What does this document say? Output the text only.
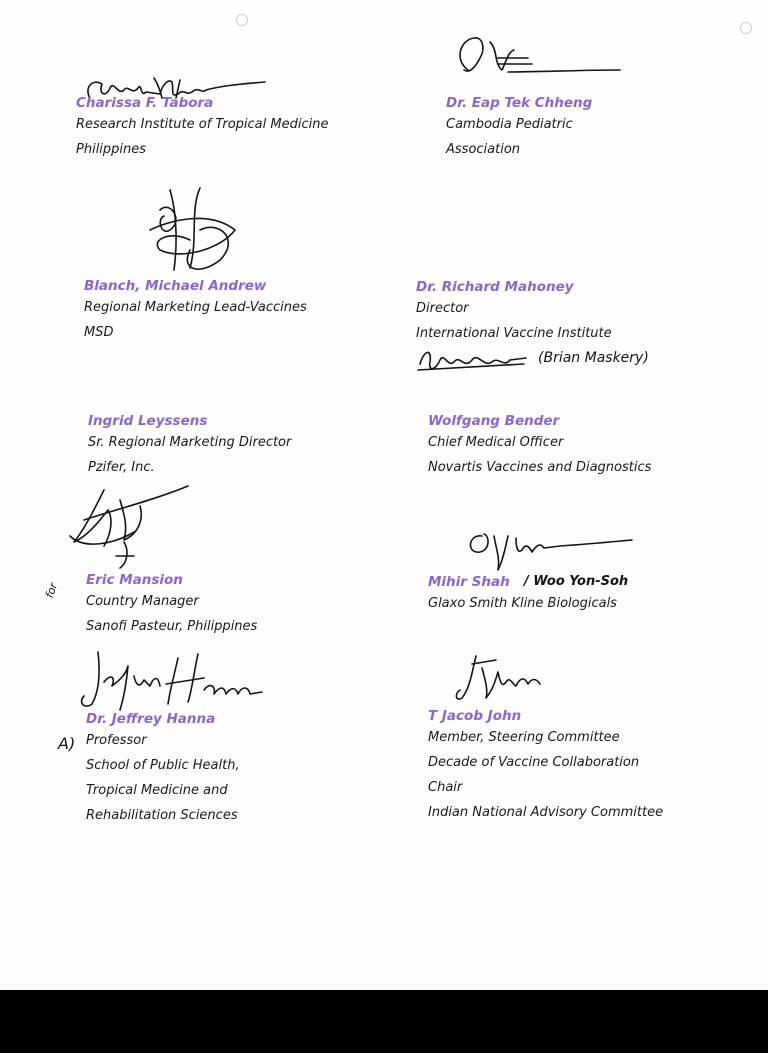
Charissa F. Tabora
Research Institute of Tropical Medicine
Philippines
Dr. Eap Tek Chheng
Cambodia Pediatric
Association
Blanch, Michael Andrew
Regional Marketing Lead-Vaccines
MSD
Dr. Richard Mahoney
Director
International Vaccine Institute
(Brian Maskery)
Ingrid Leyssens
Sr. Regional Marketing Director
Pzifer, Inc.
Wolfgang Bender
Chief Medical Officer
Novartis Vaccines and Diagnostics
for
Eric Mansion
Country Manager
Sanofi Pasteur, Philippines
Mihir Shah
Glaxo Smith Kline Biologicals
/ Woo Yon-Soh
Dr. Jeffrey Hanna
Professor
School of Public Health,
Tropical Medicine and
Rehabilitation Sciences
A)
T Jacob John
Member, Steering Committee
Decade of Vaccine Collaboration
Chair
Indian National Advisory Committee
